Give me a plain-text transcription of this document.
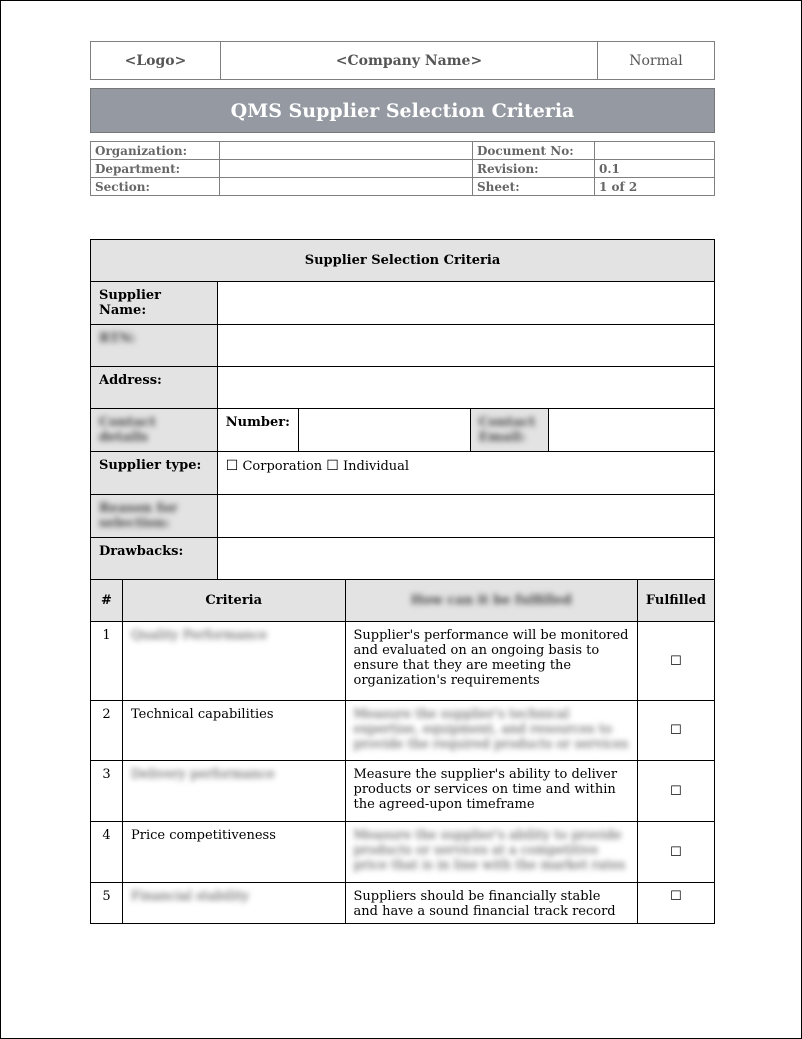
<Logo>	<Company Name>	Normal
QMS Supplier Selection Criteria
Organization:		Document No:	
Department:		Revision:	0.1
Section:		Sheet:	1 of 2
Supplier Selection Criteria							
Supplier Name:							
RTN:							
Address:							
Contact details		Number:			Contact Email:		
Supplier type:		☐ Corporation ☐ Individual					
Reason for selection:							
Drawbacks:							
#	Criteria			How can it be fulfilled			Fulfilled
1	Quality Performance			Supplier's performance will be monitored and evaluated on an ongoing basis to ensure that they are meeting the organization's requirements			☐
2	Technical capabilities			Measure the supplier's technical expertise, equipment, and resources to provide the required products or services			☐
3	Delivery performance			Measure the supplier's ability to deliver products or services on time and within the agreed-upon timeframe			☐
4	Price competitiveness			Measure the supplier's ability to provide products or services at a competitive price that is in line with the market rates			☐
5	Financial stability			Suppliers should be financially stable and have a sound financial track record			☐
